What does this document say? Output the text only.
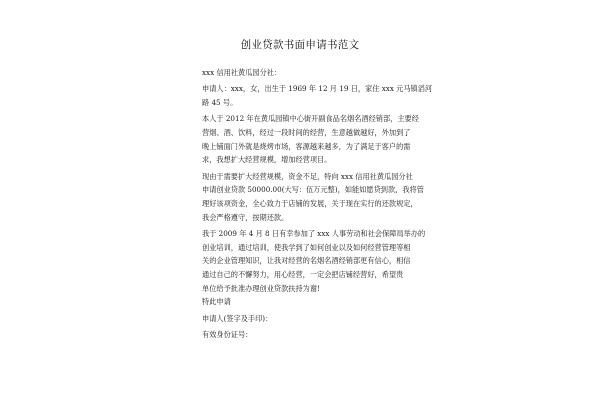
创业贷款书面申请书范文
xxx 信用社黄瓜园分社：
申请人：xxx，女，出生于 1969 年 12 月 19 日，家住 xxx 元马镇滔河
路 45 号。
本人于 2012 年在黄瓜园镇中心街开副食品名烟名酒经销部，主要经
营烟、酒、饮料，经过一段时间的经营，生意越做越好，外加到了
晚上铺面门外就是烧烤市场，客源越来越多，为了满足于客户的需
求，我想扩大经营规模，增加经营项目。
现由于需要扩大经营规模，资金不足，特向 xxx 信用社黄瓜园分社
申请创业贷款 50000.00(大写：伍万元整)，如能如愿贷到款，我将管
理好该项资金，全心致力于店铺的发展，关于现在实行的还款规定，
我会严格遵守，按期还款。
我于 2009 年 4 月 8 日有幸参加了 xxx 人事劳动和社会保障局举办的
创业培训，通过培训，使我学到了如何创业以及如何经营管理等相
关的企业管理知识，让我对经营的名烟名酒经销部更有信心，相信
通过自己的不懈努力，用心经营，一定会把店铺经营好，希望贵
单位给予批准办理创业贷款扶持为谢!
特此申请
申请人(签字及手印)：
有效身份证号：
